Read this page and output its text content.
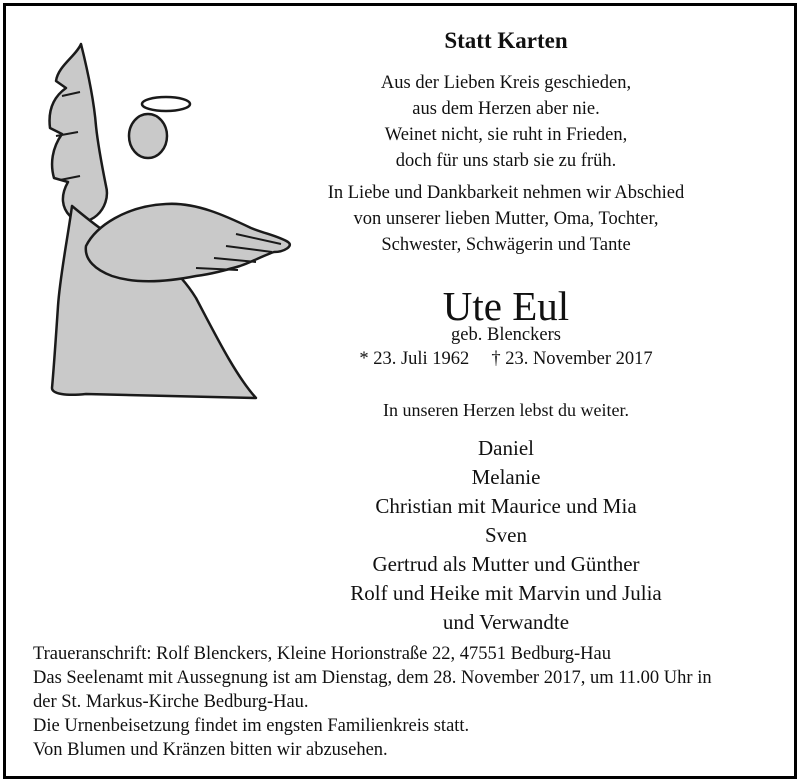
Statt Karten
Aus der Lieben Kreis geschieden,
aus dem Herzen aber nie.
Weinet nicht, sie ruht in Frieden,
doch für uns starb sie zu früh.
In Liebe und Dankbarkeit nehmen wir Abschied
von unserer lieben Mutter, Oma, Tochter,
Schwester, Schwägerin und Tante
Ute Eul
geb. Blenckers
* 23. Juli 1962 † 23. November 2017
In unseren Herzen lebst du weiter.
Daniel
Melanie
Christian mit Maurice und Mia
Sven
Gertrud als Mutter und Günther
Rolf und Heike mit Marvin und Julia
und Verwandte
Traueranschrift: Rolf Blenckers, Kleine Horionstraße 22, 47551 Bedburg-Hau
Das Seelenamt mit Aussegnung ist am Dienstag, dem 28. November 2017, um 11.00 Uhr in
der St. Markus-Kirche Bedburg-Hau.
Die Urnenbeisetzung findet im engsten Familienkreis statt.
Von Blumen und Kränzen bitten wir abzusehen.
